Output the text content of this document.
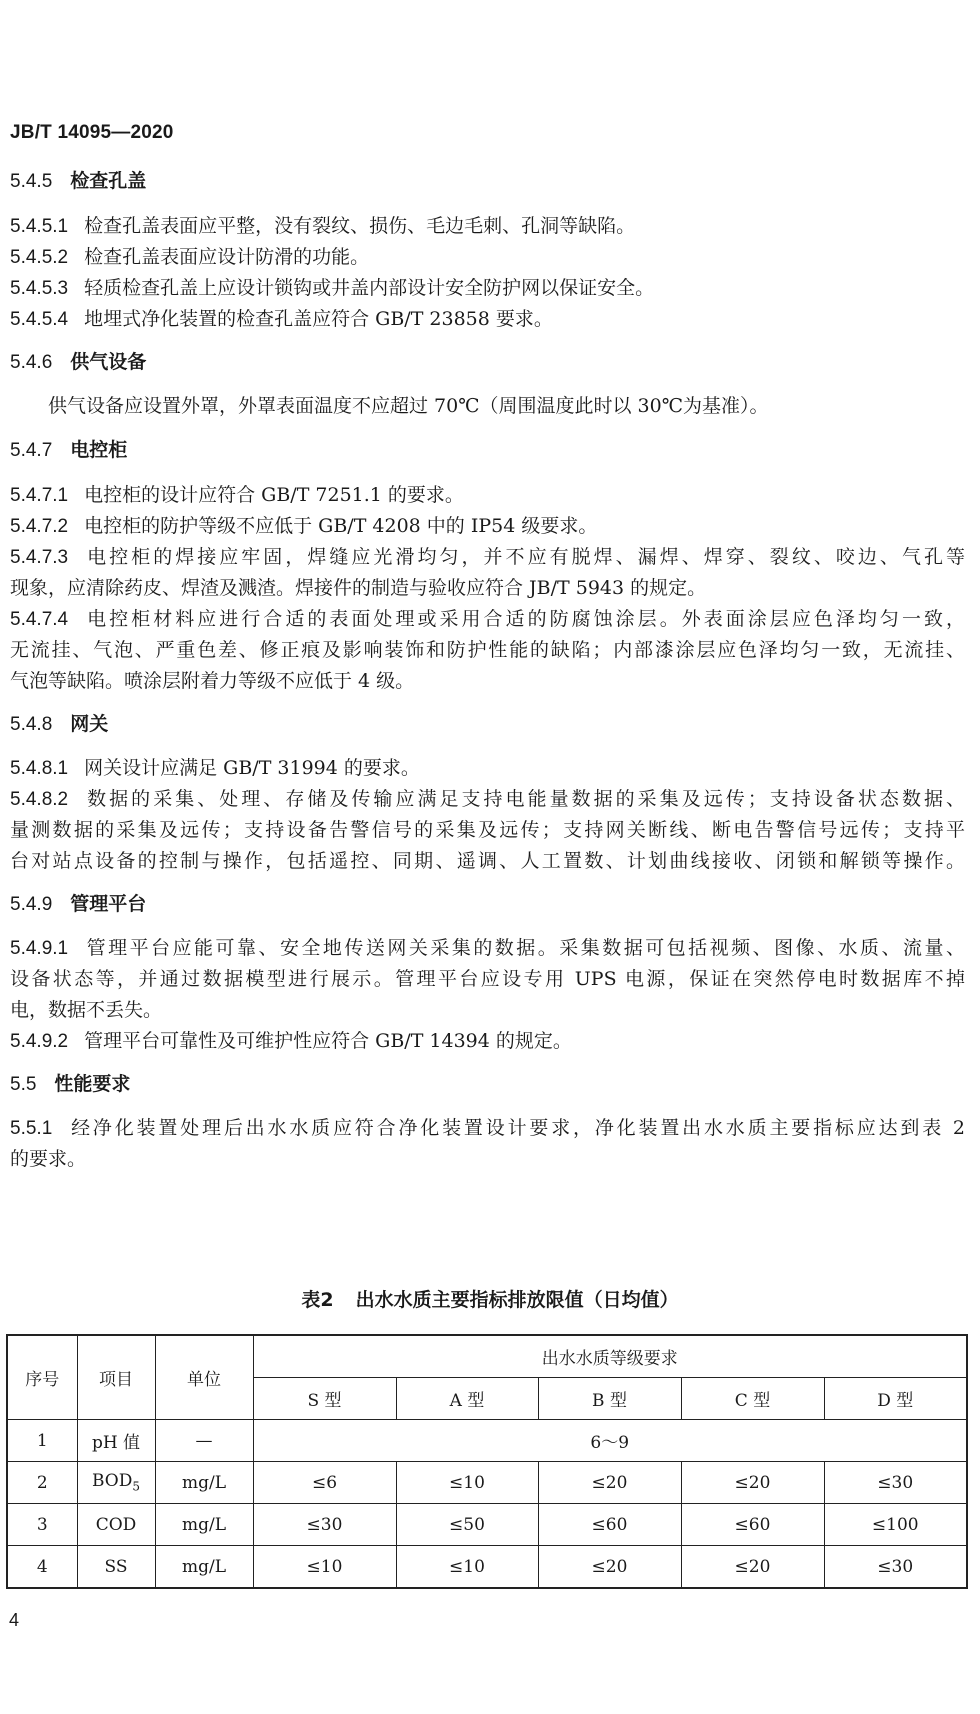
JB/T 14095—2020
5.4.5 检查孔盖
5.4.5.1 检查孔盖表面应平整，没有裂纹、损伤、毛边毛刺、孔洞等缺陷。
5.4.5.2 检查孔盖表面应设计防滑的功能。
5.4.5.3 轻质检查孔盖上应设计锁钩或井盖内部设计安全防护网以保证安全。
5.4.5.4 地埋式净化装置的检查孔盖应符合 GB/T 23858 要求。
5.4.6 供气设备
供气设备应设置外罩，外罩表面温度不应超过 70℃（周围温度此时以 30℃为基准）。
5.4.7 电控柜
5.4.7.1 电控柜的设计应符合 GB/T 7251.1 的要求。
5.4.7.2 电控柜的防护等级不应低于 GB/T 4208 中的 IP54 级要求。
5.4.7.3 电控柜的焊接应牢固，焊缝应光滑均匀，并不应有脱焊、漏焊、焊穿、裂纹、咬边、气孔等
现象，应清除药皮、焊渣及溅渣。焊接件的制造与验收应符合 JB/T 5943 的规定。
5.4.7.4 电控柜材料应进行合适的表面处理或采用合适的防腐蚀涂层。外表面涂层应色泽均匀一致，
无流挂、气泡、严重色差、修正痕及影响装饰和防护性能的缺陷；内部漆涂层应色泽均匀一致，无流挂、
气泡等缺陷。喷涂层附着力等级不应低于 4 级。
5.4.8 网关
5.4.8.1 网关设计应满足 GB/T 31994 的要求。
5.4.8.2 数据的采集、处理、存储及传输应满足支持电能量数据的采集及远传；支持设备状态数据、
量测数据的采集及远传；支持设备告警信号的采集及远传；支持网关断线、断电告警信号远传；支持平
台对站点设备的控制与操作，包括遥控、同期、遥调、人工置数、计划曲线接收、闭锁和解锁等操作。
5.4.9 管理平台
5.4.9.1 管理平台应能可靠、安全地传送网关采集的数据。采集数据可包括视频、图像、水质、流量、
设备状态等，并通过数据模型进行展示。管理平台应设专用 UPS 电源，保证在突然停电时数据库不掉
电，数据不丢失。
5.4.9.2 管理平台可靠性及可维护性应符合 GB/T 14394 的规定。
5.5 性能要求
5.5.1 经净化装置处理后出水水质应符合净化装置设计要求，净化装置出水水质主要指标应达到表 2
的要求。
表2 出水水质主要指标排放限值（日均值）
序号	项目	单位	出水水质等级要求				
			S 型	A 型	B 型	C 型	D 型
1	pH 值	—	6～9				
2	$BOD_5$	mg/L	≤6	≤10	≤20	≤20	≤30
3	COD	mg/L	≤30	≤50	≤60	≤60	≤100
4	SS	mg/L	≤10	≤10	≤20	≤20	≤30
4
